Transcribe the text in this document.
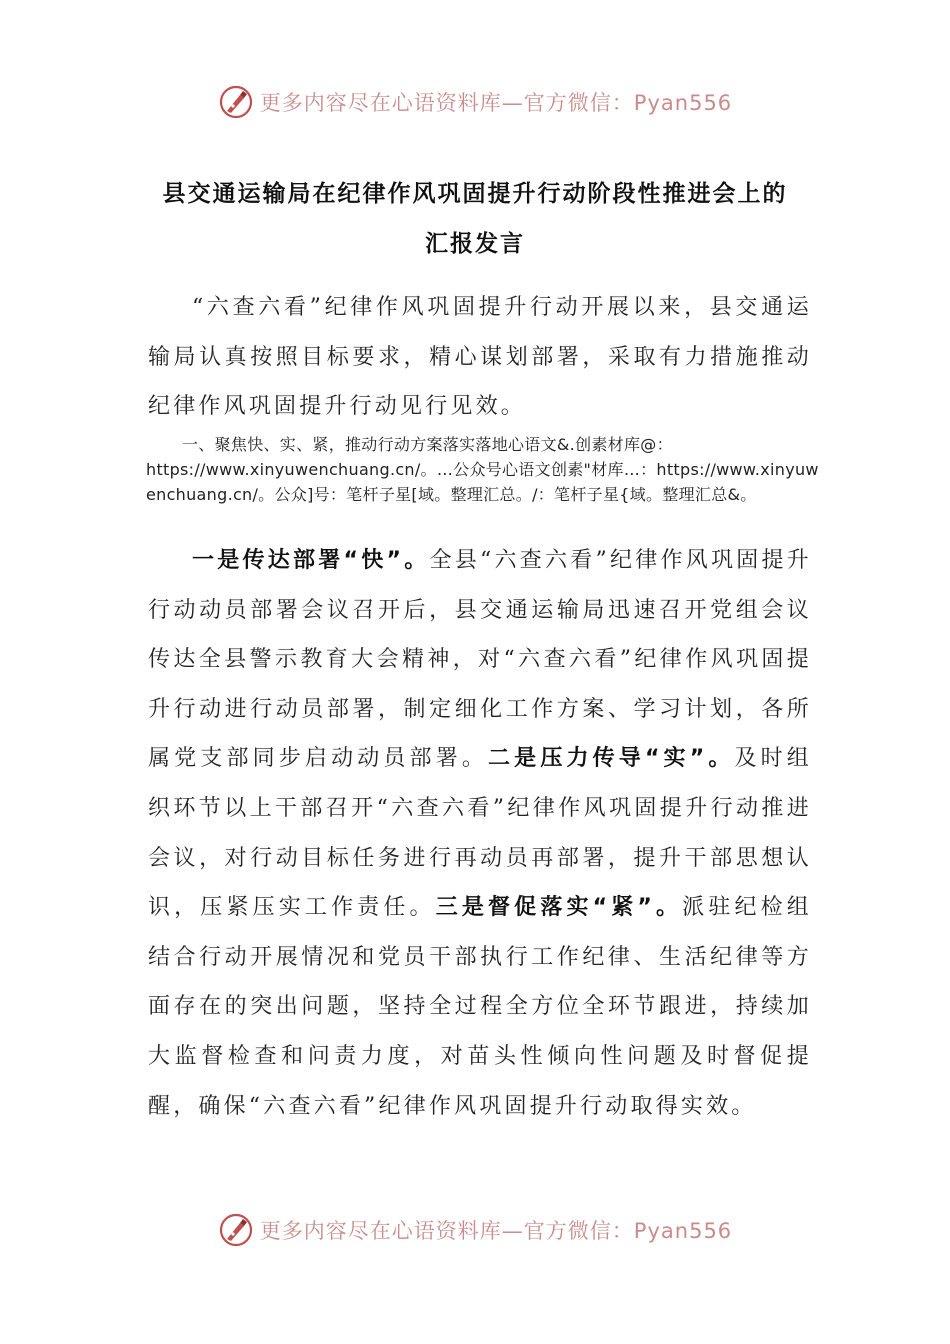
更多内容尽在心语资料库—官方微信：Pyan556
县交通运输局在纪律作风巩固提升行动阶段性推进会上的
汇报发言
“六查六看”纪律作风巩固提升行动开展以来，县交通运输局认真按照目标要求，精心谋划部署，采取有力措施推动纪律作风巩固提升行动见行见效。
一、聚焦快、实、紧，推动行动方案落实落地心语文&.创素材库@：
https://www.xinyuwenchuang.cn/。…公众号心语文创素"材库…：https://www.xinyuwenchuang.cn/。公众]号：笔杆子星[域。整理汇总。/：笔杆子星{域。整理汇总&。
一是传达部署“快”。全县“六查六看”纪律作风巩固提升行动动员部署会议召开后，县交通运输局迅速召开党组会议传达全县警示教育大会精神，对“六查六看”纪律作风巩固提升行动进行动员部署，制定细化工作方案、学习计划，各所属党支部同步启动动员部署。二是压力传导“实”。及时组织环节以上干部召开“六查六看”纪律作风巩固提升行动推进会议，对行动目标任务进行再动员再部署，提升干部思想认识，压紧压实工作责任。三是督促落实“紧”。派驻纪检组结合行动开展情况和党员干部执行工作纪律、生活纪律等方面存在的突出问题，坚持全过程全方位全环节跟进，持续加大监督检查和问责力度，对苗头性倾向性问题及时督促提醒，确保“六查六看”纪律作风巩固提升行动取得实效。
更多内容尽在心语资料库—官方微信：Pyan556
